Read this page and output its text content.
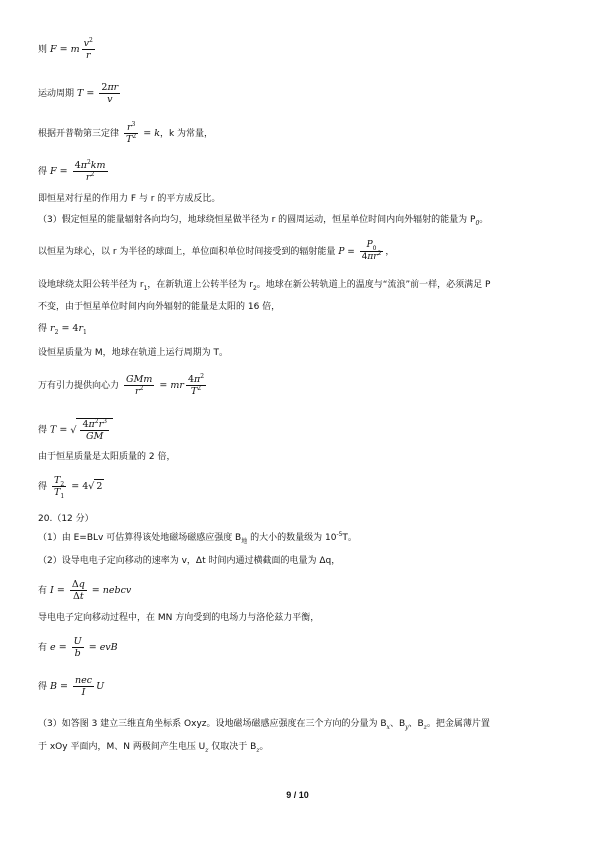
则 F = m $\frac{v^2}{r}$
运动周期 $T = \frac{2\pi r}{v}$
根据开普勒第三定律 $\frac{r^3}{T^2} = k$，k 为常量，
得 $F = \frac{4\pi^2km}{r^2}$
即恒星对行星的作用力 F 与 r 的平方成反比。
（3）假定恒星的能量辐射各向均匀，地球绕恒星做半径为 r 的圆周运动，恒星单位时间内向外辐射的能量为 $P_0$。
以恒星为球心，以 r 为半径的球面上，单位面积单位时间接受到的辐射能量 $P = \frac{P_0}{4\pi r^2}$ ，
设地球绕太阳公转半径为 $r_1$，在新轨道上公转半径为 $r_2$。地球在新公转轨道上的温度与“流浪”前一样，必须满足 P
不变，由于恒星单位时间内向外辐射的能量是太阳的 16 倍，
得 $r_2 = 4r_1$
设恒星质量为 M，地球在轨道上运行周期为 T。
万有引力提供向心力 $\frac{\text{GMm}}{r^2}$ = mr $\frac{4\pi^2}{T^2}$
得 T = √ $\frac{4\pi^2r^3}{GM}$
由于恒星质量是太阳质量的 2 倍，
得 $\frac{T_2}{T_1} = 4√$ 2
20.（12 分）
（1）由 E=BLv 可估算得该处地磁场磁感应强度 $B_地$ 的大小的数量级为 $10^{-5}T$。
（2）设导电电子定向移动的速率为 v，Δt 时间内通过横截面的电量为 Δq，
有 $I = \frac{\Delta q}{\Delta t}$ = nebcv
导电电子定向移动过程中，在 MN 方向受到的电场力与洛伦兹力平衡，
有 $e = \frac{U}{b}$ = evB
得 $B = \frac{\text{nec}}{I}$ U
（3）如答图 3 建立三维直角坐标系 Oxyz。设地磁场磁感应强度在三个方向的分量为 $B_x$、$B_y$、$B_z$。把金属薄片置
于 xOy 平面内，M、N 两极间产生电压 $U_z$ 仅取决于 $B_z$。
9 / 10
